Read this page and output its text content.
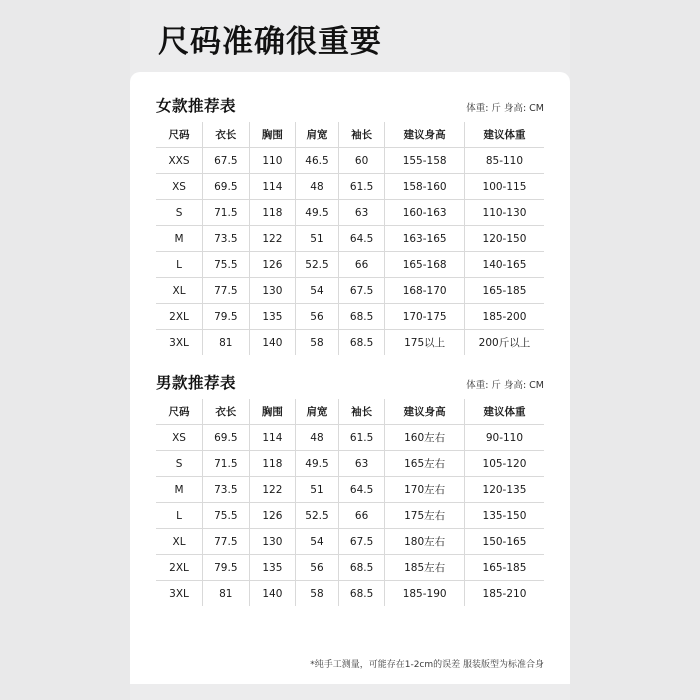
尺码准确很重要
女款推荐表	体重: 斤 身高: CM
尺码	衣长	胸围	肩宽	袖长	建议身高	建议体重
XXS	67.5	110	46.5	60	155-158	85-110
XS	69.5	114	48	61.5	158-160	100-115
S	71.5	118	49.5	63	160-163	110-130
M	73.5	122	51	64.5	163-165	120-150
L	75.5	126	52.5	66	165-168	140-165
XL	77.5	130	54	67.5	168-170	165-185
2XL	79.5	135	56	68.5	170-175	185-200
3XL	81	140	58	68.5	175以上	200斤以上
男款推荐表	体重: 斤 身高: CM
尺码	衣长	胸围	肩宽	袖长	建议身高	建议体重
XS	69.5	114	48	61.5	160左右	90-110
S	71.5	118	49.5	63	165左右	105-120
M	73.5	122	51	64.5	170左右	120-135
L	75.5	126	52.5	66	175左右	135-150
XL	77.5	130	54	67.5	180左右	150-165
2XL	79.5	135	56	68.5	185左右	165-185
3XL	81	140	58	68.5	185-190	185-210
*纯手工测量，可能存在1-2cm的误差 服装版型为标准合身
